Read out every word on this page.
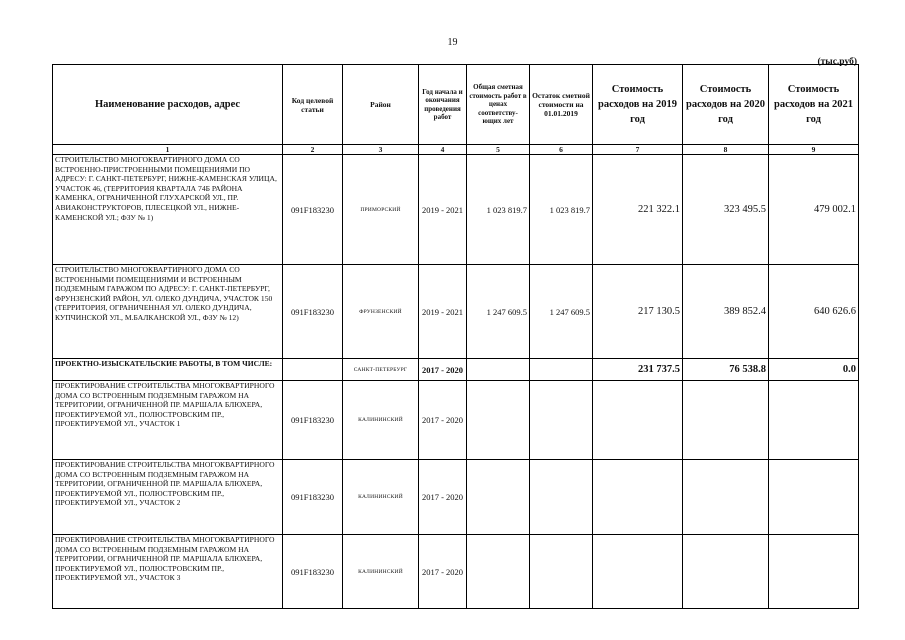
19
(тыс.руб)
Наименование расходов, адрес	Код целевой статьи	Район	Год начала и окончания проведения работ	Общая сметная стоимость работ в ценах соответству-ющих лет	Остаток сметной стоимости на 01.01.2019	Стоимость расходов на 2019 год	Стоимость расходов на 2020 год	Стоимость расходов на 2021 год
1	2	3	4	5	6	7	8	9
СТРОИТЕЛЬСТВО МНОГОКВАРТИРНОГО ДОМА СО ВСТРОЕННО-ПРИСТРОЕННЫМИ ПОМЕЩЕНИЯМИ ПО АДРЕСУ: Г. САНКТ-ПЕТЕРБУРГ, НИЖНЕ-КАМЕНСКАЯ УЛИЦА, УЧАСТОК 46, (ТЕРРИТОРИЯ КВАРТАЛА 74Б РАЙОНА КАМЕНКА, ОГРАНИЧЕННОЙ ГЛУХАРСКОЙ УЛ., ПР. АВИАКОНСТРУКТОРОВ, ПЛЕСЕЦКОЙ УЛ., НИЖНЕ-КАМЕНСКОЙ УЛ.; ФЗУ № 1)	091F183230	ПРИМОРСКИЙ	2019 - 2021	1 023 819.7	1 023 819.7	221 322.1	323 495.5	479 002.1
СТРОИТЕЛЬСТВО МНОГОКВАРТИРНОГО ДОМА СО ВСТРОЕННЫМИ ПОМЕЩЕНИЯМИ И ВСТРОЕННЫМ ПОДЗЕМНЫМ ГАРАЖОМ ПО АДРЕСУ: Г. САНКТ-ПЕТЕРБУРГ, ФРУНЗЕНСКИЙ РАЙОН, УЛ. ОЛЕКО ДУНДИЧА, УЧАСТОК 150 (ТЕРРИТОРИЯ, ОГРАНИЧЕННАЯ УЛ. ОЛЕКО ДУНДИЧА, КУПЧИНСКОЙ УЛ., М.БАЛКАНСКОЙ УЛ., ФЗУ № 12)	091F183230	ФРУНЗЕНСКИЙ	2019 - 2021	1 247 609.5	1 247 609.5	217 130.5	389 852.4	640 626.6
ПРОЕКТНО-ИЗЫСКАТЕЛЬСКИЕ РАБОТЫ, В ТОМ ЧИСЛЕ:		САНКТ-ПЕТЕРБУРГ	2017 - 2020			231 737.5	76 538.8	0.0
ПРОЕКТИРОВАНИЕ СТРОИТЕЛЬСТВА МНОГОКВАРТИРНОГО ДОМА СО ВСТРОЕННЫМ ПОДЗЕМНЫМ ГАРАЖОМ НА ТЕРРИТОРИИ, ОГРАНИЧЕННОЙ ПР. МАРШАЛА БЛЮХЕРА, ПРОЕКТИРУЕМОЙ УЛ., ПОЛЮСТРОВСКИМ ПР., ПРОЕКТИРУЕМОЙ УЛ., УЧАСТОК 1	091F183230	КАЛИНИНСКИЙ	2017 - 2020					
ПРОЕКТИРОВАНИЕ СТРОИТЕЛЬСТВА МНОГОКВАРТИРНОГО ДОМА СО ВСТРОЕННЫМ ПОДЗЕМНЫМ ГАРАЖОМ НА ТЕРРИТОРИИ, ОГРАНИЧЕННОЙ ПР. МАРШАЛА БЛЮХЕРА, ПРОЕКТИРУЕМОЙ УЛ., ПОЛЮСТРОВСКИМ ПР., ПРОЕКТИРУЕМОЙ УЛ., УЧАСТОК 2	091F183230	КАЛИНИНСКИЙ	2017 - 2020					
ПРОЕКТИРОВАНИЕ СТРОИТЕЛЬСТВА МНОГОКВАРТИРНОГО ДОМА СО ВСТРОЕННЫМ ПОДЗЕМНЫМ ГАРАЖОМ НА ТЕРРИТОРИИ, ОГРАНИЧЕННОЙ ПР. МАРШАЛА БЛЮХЕРА, ПРОЕКТИРУЕМОЙ УЛ., ПОЛЮСТРОВСКИМ ПР., ПРОЕКТИРУЕМОЙ УЛ., УЧАСТОК 3	091F183230	КАЛИНИНСКИЙ	2017 - 2020					
